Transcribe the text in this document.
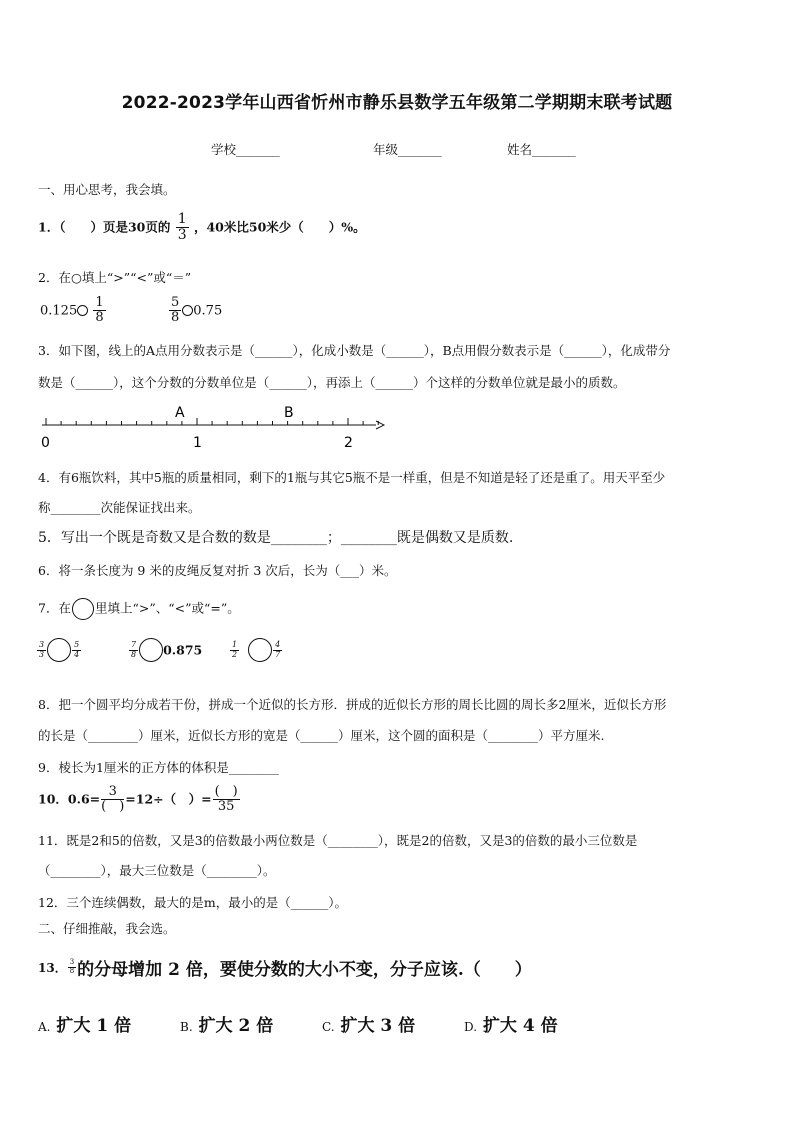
2022-2023学年山西省忻州市静乐县数学五年级第二学期期末联考试题
学校_______	年级_______	姓名_______
一、用心思考，我会填。
1．（　　）页是30页的 $\frac{1}{3}$ ，40米比50米少（　　）%。
2．在○填上“>”“<”或“＝”
$0.125 \frac{1}{8}$	$\frac{5}{8} 0.75$
3．如下图，线上的A点用分数表示是（______），化成小数是（______），B点用假分数表示是（______），化成带分
数是（______），这个分数的分数单位是（______），再添上（______）个这样的分数单位就是最小的质数。
A	B
0	1	2
4．有6瓶饮料，其中5瓶的质量相同，剩下的1瓶与其它5瓶不是一样重，但是不知道是轻了还是重了。用天平至少
称________次能保证找出来。
5．写出一个既是奇数又是合数的数是________；________既是偶数又是质数.
6．将一条长度为 9 米的皮绳反复对折 3 次后，长为（___）米。
7．在 里填上“>”、“<”或“=”。
$\frac{3}{3}$	$\frac{5}{4}$	$\frac{7}{8} 0.875$	$\frac{1}{2}$	$\frac{4}{7}$
8．把一个圆平均分成若干份，拼成一个近似的长方形．拼成的近似长方形的周长比圆的周长多2厘米，近似长方形
的长是（________）厘米，近似长方形的宽是（______）厘米，这个圆的面积是（________）平方厘米.
9．棱长为1厘米的正方体的体积是________
10．$0.6= \frac{3}{( )} =12\div$（　）= $\frac{( )}{35}$
11．既是2和5的倍数，又是3的倍数最小两位数是（________），既是2的倍数，又是3的倍数的最小三位数是
（________），最大三位数是（________）。
12．三个连续偶数，最大的是m，最小的是（______）。
二、仔细推敲，我会选。
13． $\frac{3}{8}$ 的分母增加 2 倍，要使分数的大小不变，分子应该.（　　）
A. 扩大 1 倍	B. 扩大 2 倍	C. 扩大 3 倍	D. 扩大 4 倍
